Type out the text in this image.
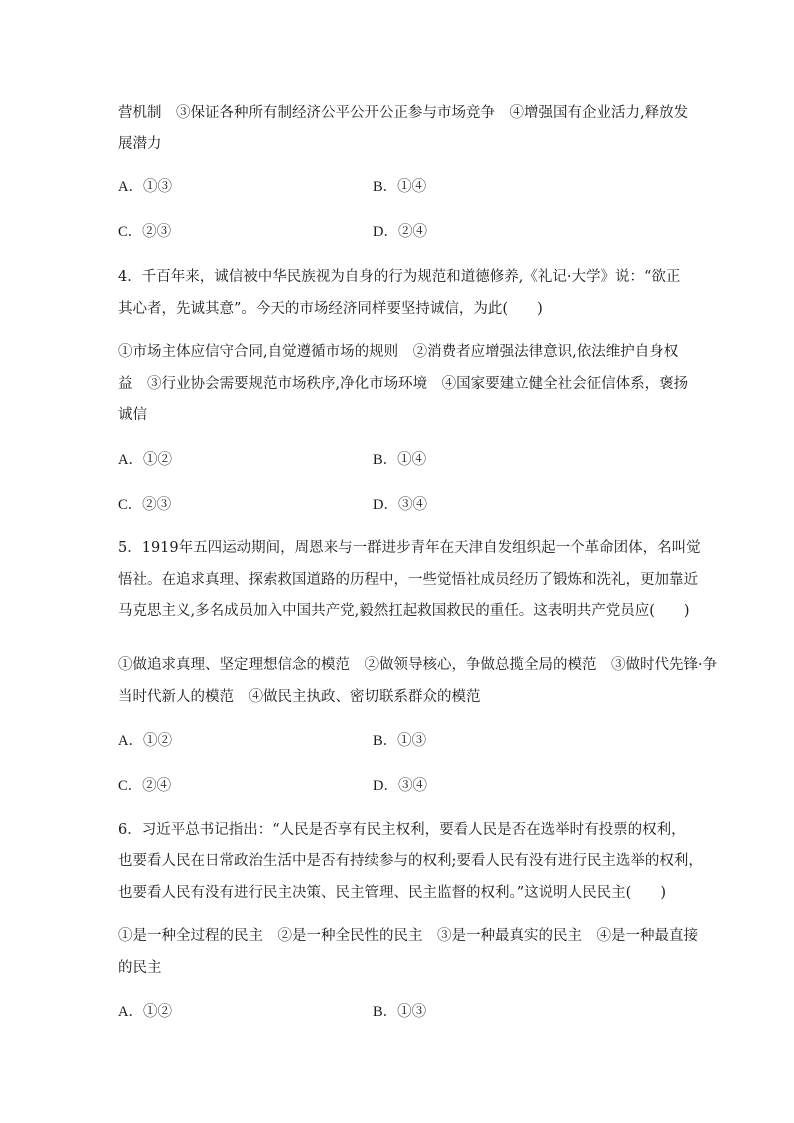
营机制　③保证各种所有制经济公平公开公正参与市场竞争　④增强国有企业活力,释放发
展潜力
A．①③	B．①④
C．②③	D．②④
4．千百年来，诚信被中华民族视为自身的行为规范和道德修养,《礼记·大学》说：“欲正
其心者，先诚其意”。今天的市场经济同样要坚持诚信，为此(　　)
①市场主体应信守合同,自觉遵循市场的规则　②消费者应增强法律意识,依法维护自身权
益　③行业协会需要规范市场秩序,净化市场环境　④国家要建立健全社会征信体系，褒扬
诚信
A．①②	B．①④
C．②③	D．③④
5．1919年五四运动期间，周恩来与一群进步青年在天津自发组织起一个革命团体，名叫觉
悟社。在追求真理、探索救国道路的历程中，一些觉悟社成员经历了锻炼和洗礼，更加靠近
马克思主义,多名成员加入中国共产党,毅然扛起救国救民的重任。这表明共产党员应(　　)
①做追求真理、坚定理想信念的模范　②做领导核心，争做总揽全局的模范　③做时代先锋·争
当时代新人的模范　④做民主执政、密切联系群众的模范
A．①②	B．①③
C．②④	D．③④
6．习近平总书记指出：“人民是否享有民主权利，要看人民是否在选举时有投票的权利，
也要看人民在日常政治生活中是否有持续参与的权利;要看人民有没有进行民主选举的权利，
也要看人民有没有进行民主决策、民主管理、民主监督的权利。”这说明人民民主(　　)
①是一种全过程的民主　②是一种全民性的民主　③是一种最真实的民主　④是一种最直接
的民主
A．①②	B．①③
